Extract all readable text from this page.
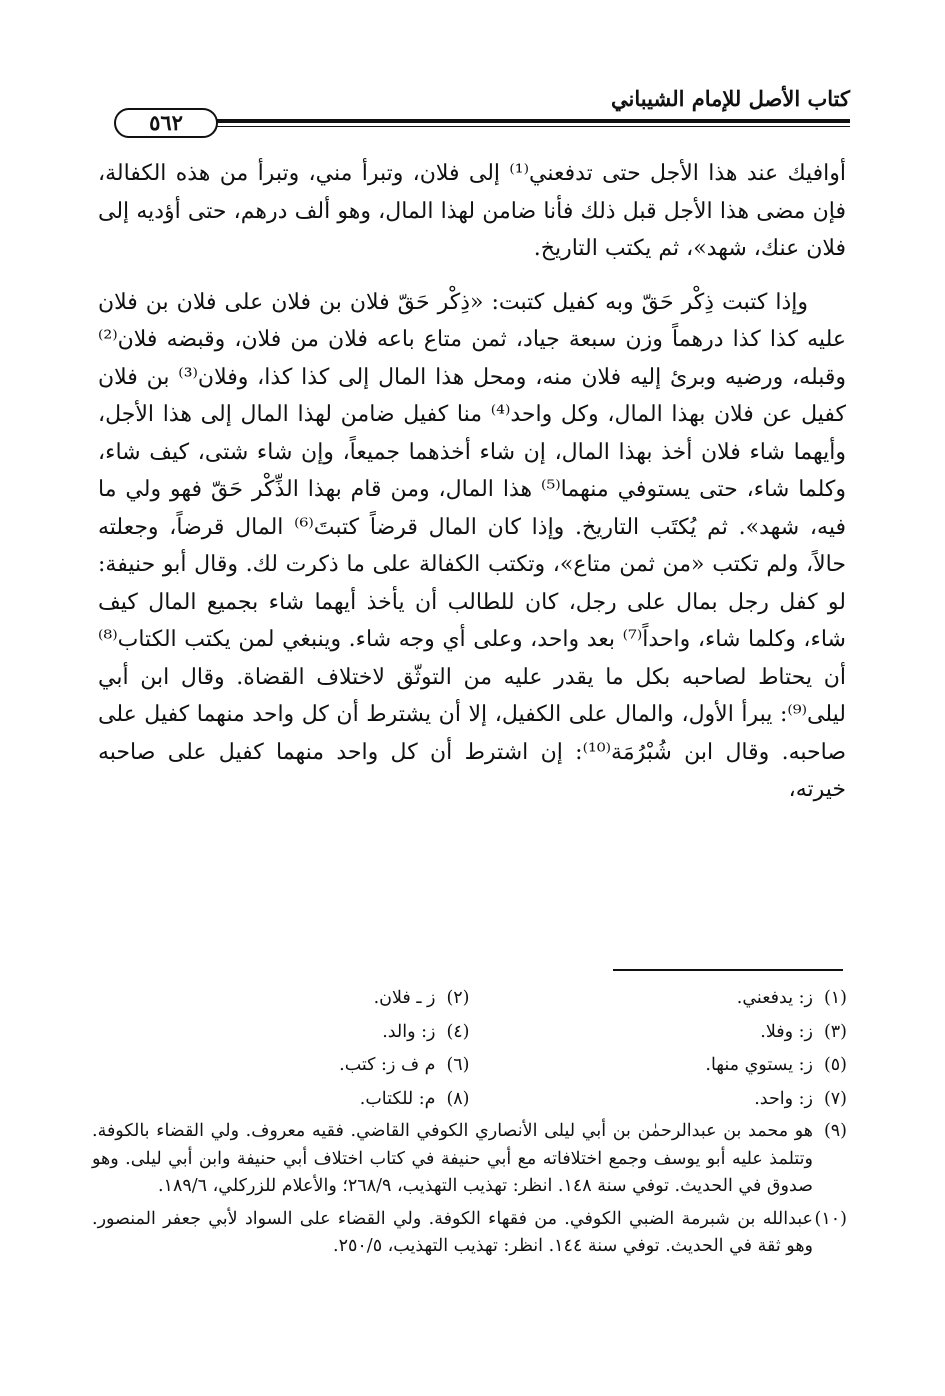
كتاب الأصل للإمام الشيباني
٥٦٢

أوافيك عند هذا الأجل حتى تدفعني⁽¹⁾ إلى فلان، وتبرأ مني، وتبرأ من هذه الكفالة، فإن مضى هذا الأجل قبل ذلك فأنا ضامن لهذا المال، وهو ألف درهم، حتى أؤديه إلى فلان عنك، شهد»، ثم يكتب التاريخ.

وإذا كتبت ذِكْر حَقّ وبه كفيل كتبت: «ذِكْر حَقّ فلان بن فلان على فلان بن فلان عليه كذا كذا درهماً وزن سبعة جياد، ثمن متاع باعه فلان من فلان، وقبضه فلان⁽²⁾ وقبله، ورضيه وبرئ إليه فلان منه، ومحل هذا المال إلى كذا كذا، وفلان⁽³⁾ بن فلان كفيل عن فلان بهذا المال، وكل واحد⁽⁴⁾ منا كفيل ضامن لهذا المال إلى هذا الأجل، وأيهما شاء فلان أخذ بهذا المال، إن شاء أخذهما جميعاً، وإن شاء شتى، كيف شاء، وكلما شاء، حتى يستوفي منهما⁽⁵⁾ هذا المال، ومن قام بهذا الذِّكْر حَقّ فهو ولي ما فيه، شهد». ثم يُكتَب التاريخ. وإذا كان المال قرضاً كتبتَ⁽⁶⁾ المال قرضاً، وجعلته حالاً، ولم تكتب «من ثمن متاع»، وتكتب الكفالة على ما ذكرت لك. وقال أبو حنيفة: لو كفل رجل بمال على رجل، كان للطالب أن يأخذ أيهما شاء بجميع المال كيف شاء، وكلما شاء، واحداً⁽⁷⁾ بعد واحد، وعلى أي وجه شاء. وينبغي لمن يكتب الكتاب⁽⁸⁾ أن يحتاط لصاحبه بكل ما يقدر عليه من التوثّق لاختلاف القضاة. وقال ابن أبي ليلى⁽⁹⁾: يبرأ الأول، والمال على الكفيل، إلا أن يشترط أن كل واحد منهما كفيل على صاحبه. وقال ابن شُبْرُمَة⁽¹⁰⁾: إن اشترط أن كل واحد منهما كفيل على صاحبه خيرته،

(١)
ز: يدفعني.
(٢)
ز ـ فلان.
(٣)
ز: وفلا.
(٤)
ز: والد.
(٥)
ز: يستوي منها.
(٦)
م ف ز: كتب.
(٧)
ز: واحد.
(٨)
م: للكتاب.
(٩)
هو محمد بن عبدالرحمٰن بن أبي ليلى الأنصاري الكوفي القاضي. فقيه معروف. ولي القضاء بالكوفة. وتتلمذ عليه أبو يوسف وجمع اختلافاته مع أبي حنيفة في كتاب اختلاف أبي حنيفة وابن أبي ليلى. وهو صدوق في الحديث. توفي سنة ١٤٨. انظر: تهذيب التهذيب، ٢٦٨/٩؛ والأعلام للزركلي، ١٨٩/٦.
(١٠)
عبدالله بن شبرمة الضبي الكوفي. من فقهاء الكوفة. ولي القضاء على السواد لأبي جعفر المنصور. وهو ثقة في الحديث. توفي سنة ١٤٤. انظر: تهذيب التهذيب، ٢٥٠/٥.
